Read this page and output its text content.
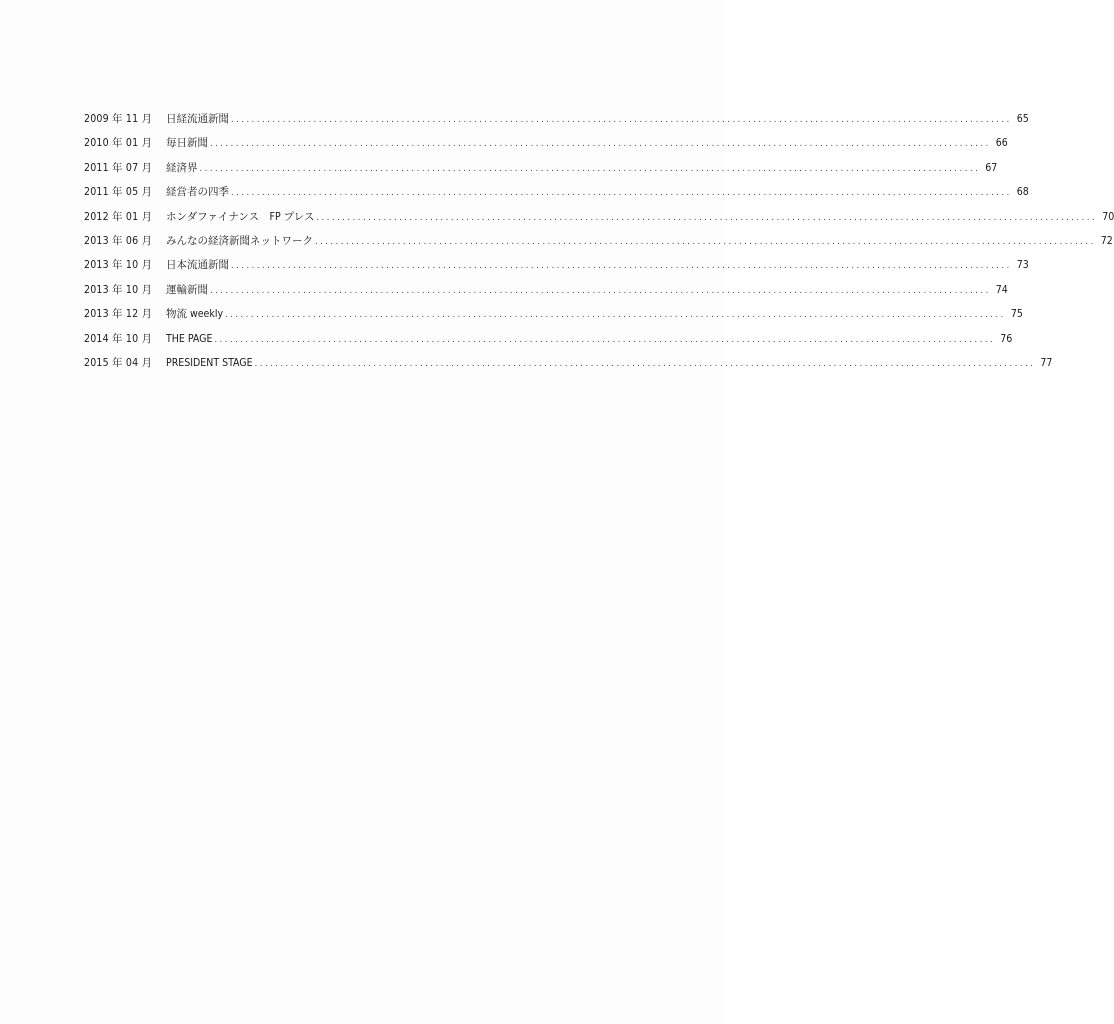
2009 年 11 月	日経流通新聞 .....	65
2010 年 01 月	毎日新聞 .....	66
2011 年 07 月	経済界 .....	67
2011 年 05 月	経営者の四季 .....	68
2012 年 01 月	ホンダファイナンス　FP プレス .....	70
2013 年 06 月	みんなの経済新聞ネットワーク .....	72
2013 年 10 月	日本流通新聞 .....	73
2013 年 10 月	運輸新聞 .....	74
2013 年 12 月	物流 weekly .....	75
2014 年 10 月	THE PAGE .....	76
2015 年 04 月	PRESIDENT STAGE .....	77
